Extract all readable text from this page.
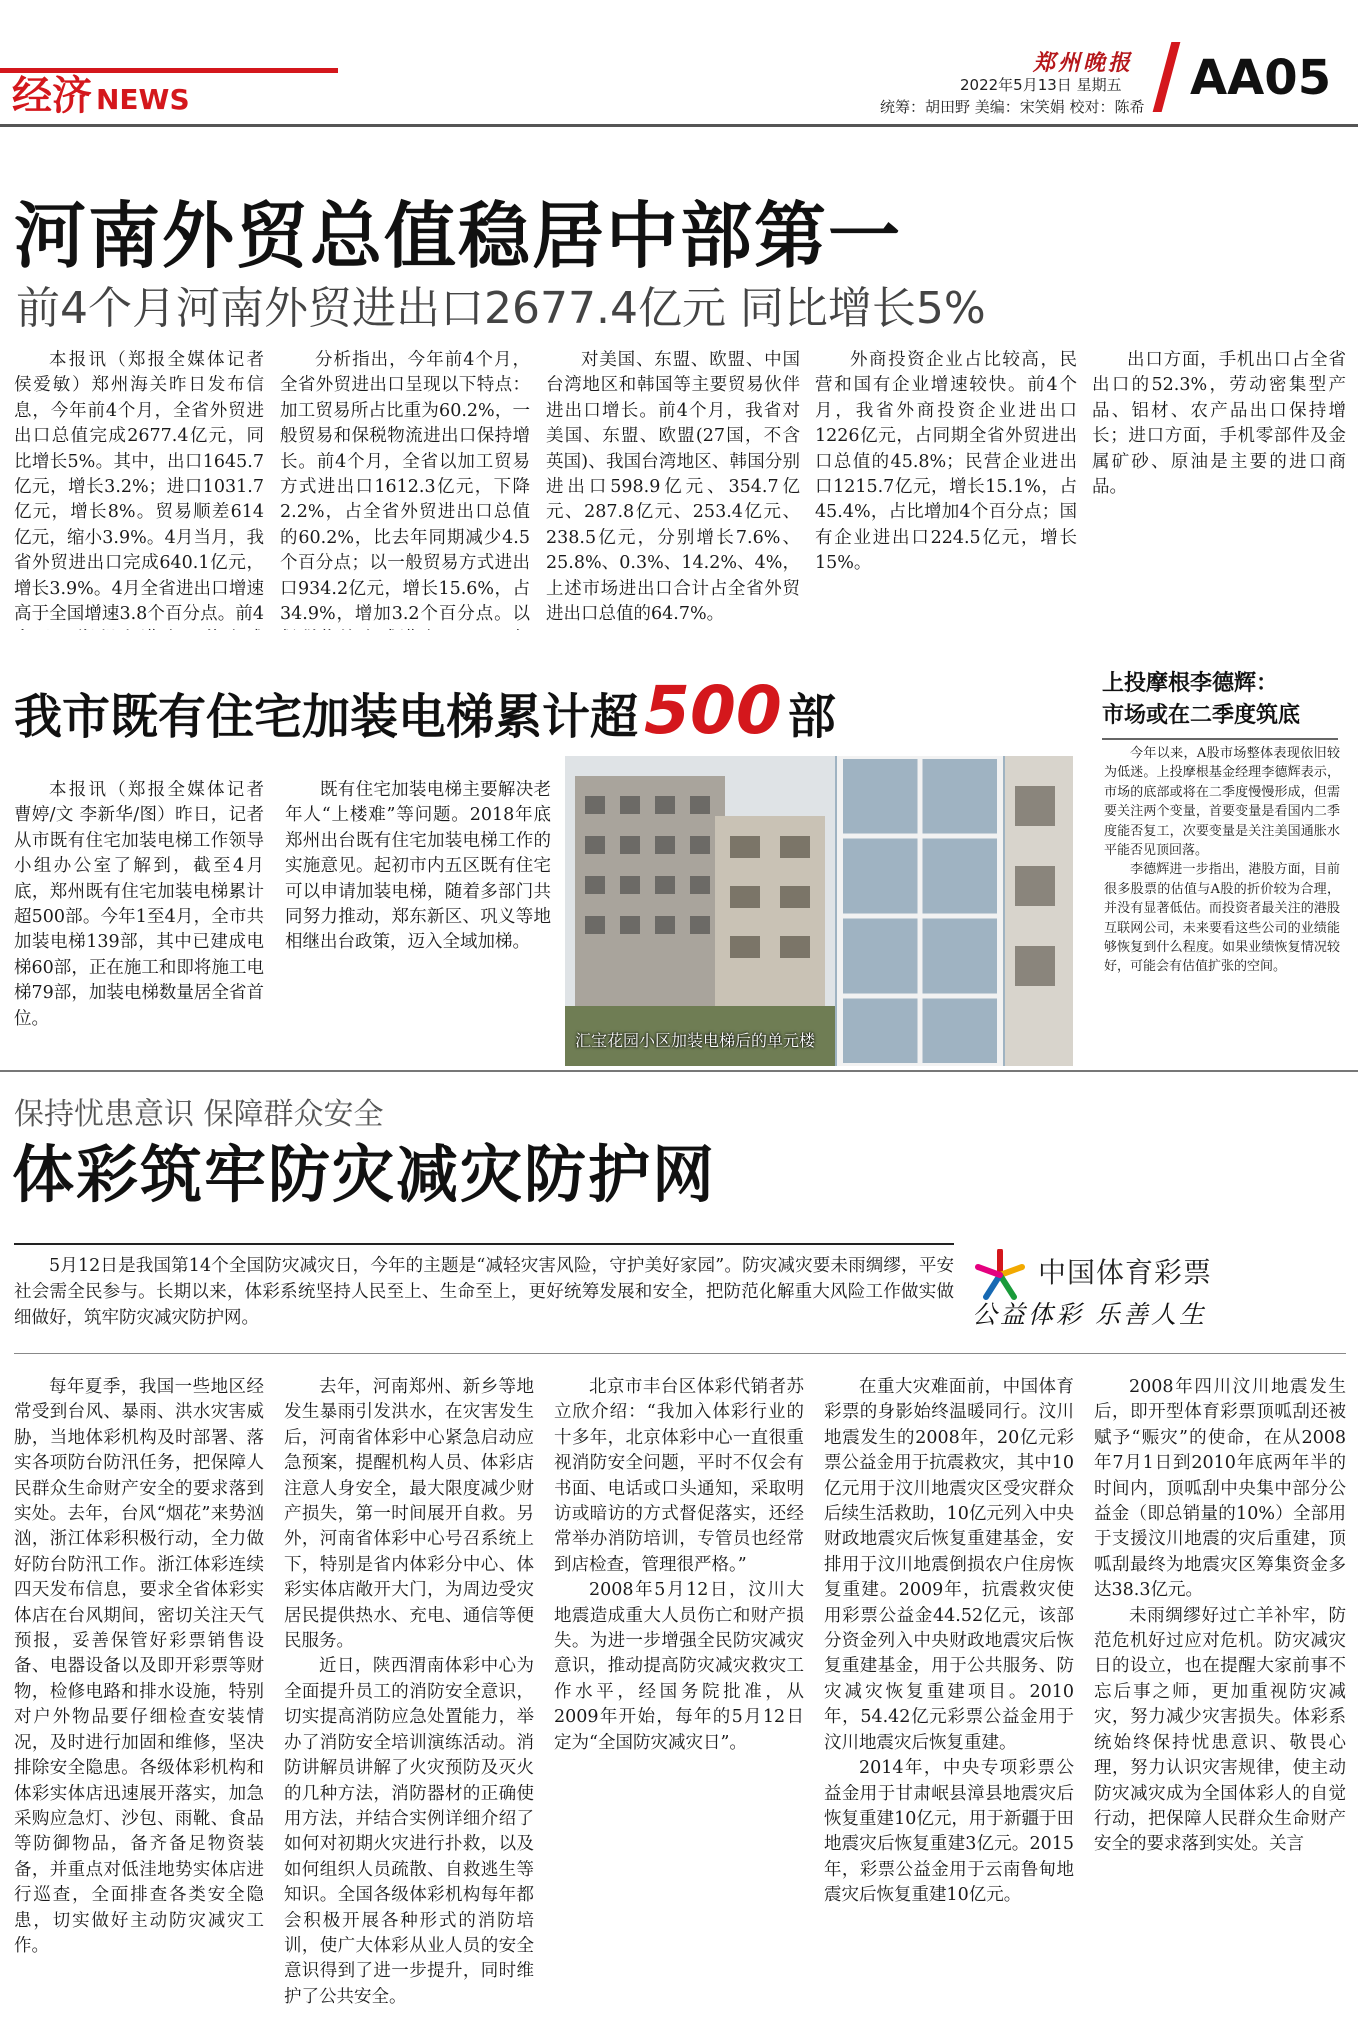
经济 NEWS
郑州晚报
2022年5月13日 星期五
统筹：胡田野 美编：宋笑娟 校对：陈希
AA05
河南外贸总值稳居中部第一
前4个月河南外贸进出口2677.4亿元 同比增长5%

本报讯（郑报全媒体记者 侯爱敏）郑州海关昨日发布信息，今年前4个月，全省外贸进出口总值完成2677.4亿元，同比增长5%。其中，出口1645.7亿元，增长3.2%；进口1031.7亿元，增长8%。贸易顺差614亿元，缩小3.9%。4月当月，我省外贸进出口完成640.1亿元，增长3.9%。4月全省进出口增速高于全国增速3.8个百分点。前4

分析指出，今年前4个月，全省外贸进出口呈现以下特点：加工贸易所占比重为60.2%，一般贸易和保税物流进出口保持增长。前4个月，全省以加工贸易方式进出口1612.3亿元，下降2.2%，占全省外贸进出口总值的60.2%，比去年同期减少4.5个百分点；以一般贸易方式进出口934.2亿元，增长15.6%，占34.9%，增加3.2个百分点。以

对美国、东盟、欧盟、中国台湾地区和韩国等主要贸易伙伴进出口增长。前4个月，我省对美国、东盟、欧盟(27国，不含英国)、我国台湾地区、韩国分别进出口598.9亿元、354.7亿元、287.8亿元、253.4亿元、238.5亿元，分别增长7.6%、25.8%、0.3%、14.2%、4%，上述市场进出口合计占全省外贸进出口总值的64.7%。

外商投资企业占比较高，民营和国有企业增速较快。前4个月，我省外商投资企业进出口1226亿元，占同期全省外贸进出口总值的45.8%；民营企业进出口1215.7亿元，增长15.1%，占45.4%，占比增加4个百分点；国有企业进出口224.5亿元，增长15%。

出口方面，手机出口占全省出口的52.3%，劳动密集型产品、铝材、农产品出口保持增长；进口方面，手机零部件及金属矿砂、原油是主要的进口商品。

我市既有住宅加装电梯累计超500 部

本报讯（郑报全媒体记者 曹婷/文 李新华/图）昨日，记者从市既有住宅加装电梯工作领导小组办公室了解到，截至4月底，郑州既有住宅加装电梯累计超500部。今年1至4月，全市共加装电梯139部，其中已建成电梯60部，正在施工和即将施工电梯79部，加装电梯数量居全省首位。

既有住宅加装电梯主要解决老年人“上楼难”等问题。2018年底郑州出台既有住宅加装电梯工作的实施意见。起初市内五区既有住宅可以申请加装电梯，随着多部门共同努力推动，郑东新区、巩义等地相继出台政策，迈入全域加梯。

汇宝花园小区加装电梯后的单元楼
上投摩根李德辉：
市场或在二季度筑底

今年以来，A股市场整体表现依旧较为低迷。上投摩根基金经理李德辉表示，市场的底部或将在二季度慢慢形成，但需要关注两个变量，首要变量是看国内二季度能否复工，次要变量是关注美国通胀水平能否见顶回落。

李德辉进一步指出，港股方面，目前很多股票的估值与A股的折价较为合理，并没有显著低估。而投资者最关注的港股互联网公司，未来要看这些公司的业绩能够恢复到什么程度。如果业绩恢复情况较好，可能会有估值扩张的空间。

保持忧患意识 保障群众安全
体彩筑牢防灾减灾防护网
5月12日是我国第14个全国防灾减灾日，今年的主题是“减轻灾害风险，守护美好家园”。防灾减灾要未雨绸缪，平安社会需全民参与。长期以来，体彩系统坚持人民至上、生命至上，更好统筹发展和安全，把防范化解重大风险工作做实做细做好，筑牢防灾减灾防护网。
中国体育彩票
公益体彩 乐善人生

每年夏季，我国一些地区经常受到台风、暴雨、洪水灾害威胁，当地体彩机构及时部署、落实各项防台防汛任务，把保障人民群众生命财产安全的要求落到实处。去年，台风“烟花”来势汹汹，浙江体彩积极行动，全力做好防台防汛工作。浙江体彩连续四天发布信息，要求全省体彩实体店在台风期间，密切关注天气预报，妥善保管好彩票销售设备、电器设备以及即开彩票等财物，检修电路和排水设施，特别对户外物品要仔细检查安装情况，及时进行加固和维修，坚决排除安全隐患。各级体彩机构和体彩实体店迅速展开落实，加急采购应急灯、沙包、雨靴、食品等防御物品，备齐备足物资装备，并重点对低洼地势实体店进行巡查，全面排查各类安全隐患，切实做好主动防灾减灾工作。

去年，河南郑州、新乡等地发生暴雨引发洪水，在灾害发生后，河南省体彩中心紧急启动应急预案，提醒机构人员、体彩店注意人身安全，最大限度减少财产损失，第一时间展开自救。另外，河南省体彩中心号召系统上下，特别是省内体彩分中心、体彩实体店敞开大门，为周边受灾居民提供热水、充电、通信等便民服务。

近日，陕西渭南体彩中心为全面提升员工的消防安全意识，切实提高消防应急处置能力，举办了消防安全培训演练活动。消防讲解员讲解了火灾预防及灭火的几种方法，消防器材的正确使用方法，并结合实例详细介绍了如何对初期火灾进行扑救，以及如何组织人员疏散、自救逃生等知识。全国各级体彩机构每年都会积极开展各种形式的消防培训，使广大体彩从业人员的安全意识得到了进一步提升，同时维护了公共安全。

北京市丰台区体彩代销者苏立欣介绍：“我加入体彩行业的十多年，北京体彩中心一直很重视消防安全问题，平时不仅会有书面、电话或口头通知，采取明访或暗访的方式督促落实，还经常举办消防培训，专管员也经常到店检查，管理很严格。”

2008年5月12日，汶川大地震造成重大人员伤亡和财产损失。为进一步增强全民防灾减灾意识，推动提高防灾减灾救灾工作水平，经国务院批准，从2009年开始，每年的5月12日定为“全国防灾减灾日”。

在重大灾难面前，中国体育彩票的身影始终温暖同行。汶川地震发生的2008年，20亿元彩票公益金用于抗震救灾，其中10亿元用于汶川地震灾区受灾群众后续生活救助，10亿元列入中央财政地震灾后恢复重建基金，安排用于汶川地震倒损农户住房恢复重建。2009年，抗震救灾使用彩票公益金44.52亿元，该部分资金列入中央财政地震灾后恢复重建基金，用于公共服务、防灾减灾恢复重建项目。2010年，54.42亿元彩票公益金用于汶川地震灾后恢复重建。

2014年，中央专项彩票公益金用于甘肃岷县漳县地震灾后恢复重建10亿元，用于新疆于田地震灾后恢复重建3亿元。2015年，彩票公益金用于云南鲁甸地震灾后恢复重建10亿元。

2008年四川汶川地震发生后，即开型体育彩票顶呱刮还被赋予“赈灾”的使命，在从2008年7月1日到2010年底两年半的时间内，顶呱刮中央集中部分公益金（即总销量的10%）全部用于支援汶川地震的灾后重建，顶呱刮最终为地震灾区筹集资金多达38.3亿元。

未雨绸缪好过亡羊补牢，防范危机好过应对危机。防灾减灾日的设立，也在提醒大家前事不忘后事之师，更加重视防灾减灾，努力减少灾害损失。体彩系统始终保持忧患意识、敬畏心理，努力认识灾害规律，使主动防灾减灾成为全国体彩人的自觉行动，把保障人民群众生命财产安全的要求落到实处。关言
